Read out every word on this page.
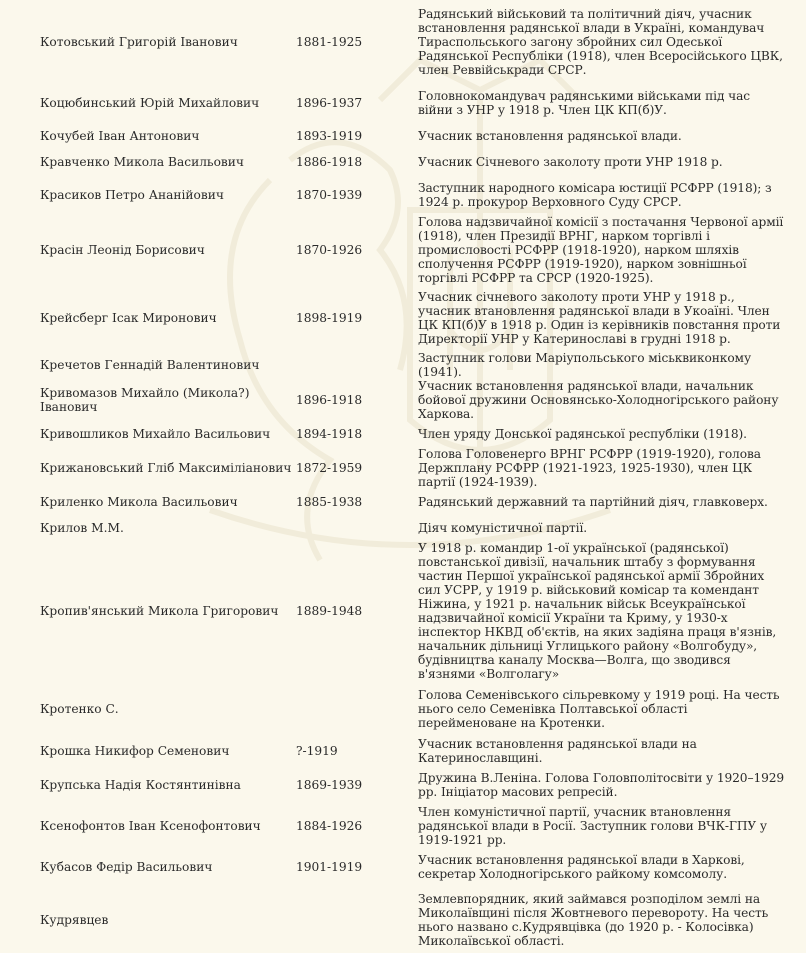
Котовський Григорій Іванович	1881-1925	Радянський військовий та політичний діяч, учасник встановлення радянської влади в Україні, командувач Тираспольського загону збройних сил Одеської Радянської Республіки (1918), член Всеросійського ЦВК, член Реввійськради СРСР.
Коцюбинський Юрій Михайлович	1896-1937	Головнокомандувач радянськими військами під час війни з УНР у 1918 р. Член ЦК КП(б)У.
Кочубей Іван Антонович	1893-1919	Учасник встановлення радянської влади.
Кравченко Микола Васильович	1886-1918	Учасник Січневого заколоту проти УНР 1918 р.
Красиков Петро Ананійович	1870-1939	Заступник народного комісара юстиції РСФРР (1918); з 1924 р. прокурор Верховного Суду СРСР.
Красін Леонід Борисович	1870-1926	Голова надзвичайної комісії з постачання Червоної армії (1918), член Президії ВРНГ, нарком торгівлі і промисловості РСФРР (1918-1920), нарком шляхів сполучення РСФРР (1919-1920), нарком зовнішньої торгівлі РСФРР та СРСР (1920-1925).
Крейсберг Ісак Миронович	1898-1919	Учасник січневого заколоту проти УНР у 1918 р., учасник втановлення радянської влади в Укоаїні. Член ЦК КП(б)У в 1918 р. Один із керівників повстання проти Директорії УНР у Катеринославі в грудні 1918 р.
Кречетов Геннадій Валентинович		Заступник голови Маріупольського міськвиконкому (1941).
Кривомазов Михайло (Микола?) Іванович	1896-1918	Учасник встановлення радянської влади, начальник бойової дружини Основянсько-Холодногірського району Харкова.
Кривошликов Михайло Васильович	1894-1918	Член уряду Донської радянської республіки (1918).
Крижановський Гліб Максиміліанович	1872-1959	Голова Головенерго ВРНГ РСФРР (1919-1920), голова Держплану РСФРР (1921-1923, 1925-1930), член ЦК партії (1924-1939).
Криленко Микола Васильович	1885-1938	Радянський державний та партійний діяч, главковерх.
Крилов М.М.		Діяч комуністичної партії.
Кропив'янський Микола Григорович	1889-1948	У 1918 р. командир 1-ої української (радянської) повстанської дивізії, начальник штабу з формування частин Першої української радянської армії Збройних сил УСРР, у 1919 р. військовий комісар та комендант Ніжина, у 1921 р. начальник військ Всеукраїнської надзвичайної комісії України та Криму, у 1930-х інспектор НКВД об'єктів, на яких задіяна праця в'язнів, начальник дільниці Углицького району «Волгобуду», будівництва каналу Москва—Волга, що зводився в'язнями «Волголагу»
Кротенко С.		Голова Семенівського сільревкому у 1919 році. На честь нього село Семенівка Полтавської області перейменоване на Кротенки.
Крошка Никифор Семенович	?-1919	Учасник встановлення радянської влади на Катеринославщині.
Крупська Надія Костянтинівна	1869-1939	Дружина В.Леніна. Голова Головполітосвіти у 1920–1929 рр. Ініціатор масових репресій.
Ксенофонтов Іван Ксенофонтович	1884-1926	Член комуністичної партії, учасник втановлення радянської влади в Росії. Заступник голови ВЧК-ГПУ у 1919-1921 рр.
Кубасов Федір Васильович	1901-1919	Учасник встановлення радянської влади в Харкові, секретар Холодногірського райкому комсомолу.
Кудрявцев		Землевпорядник, який займався розподілом землі на Миколаївщині після Жовтневого перевороту. На честь нього названо с.Кудрявцівка (до 1920 р. - Колосівка) Миколаївської області.
